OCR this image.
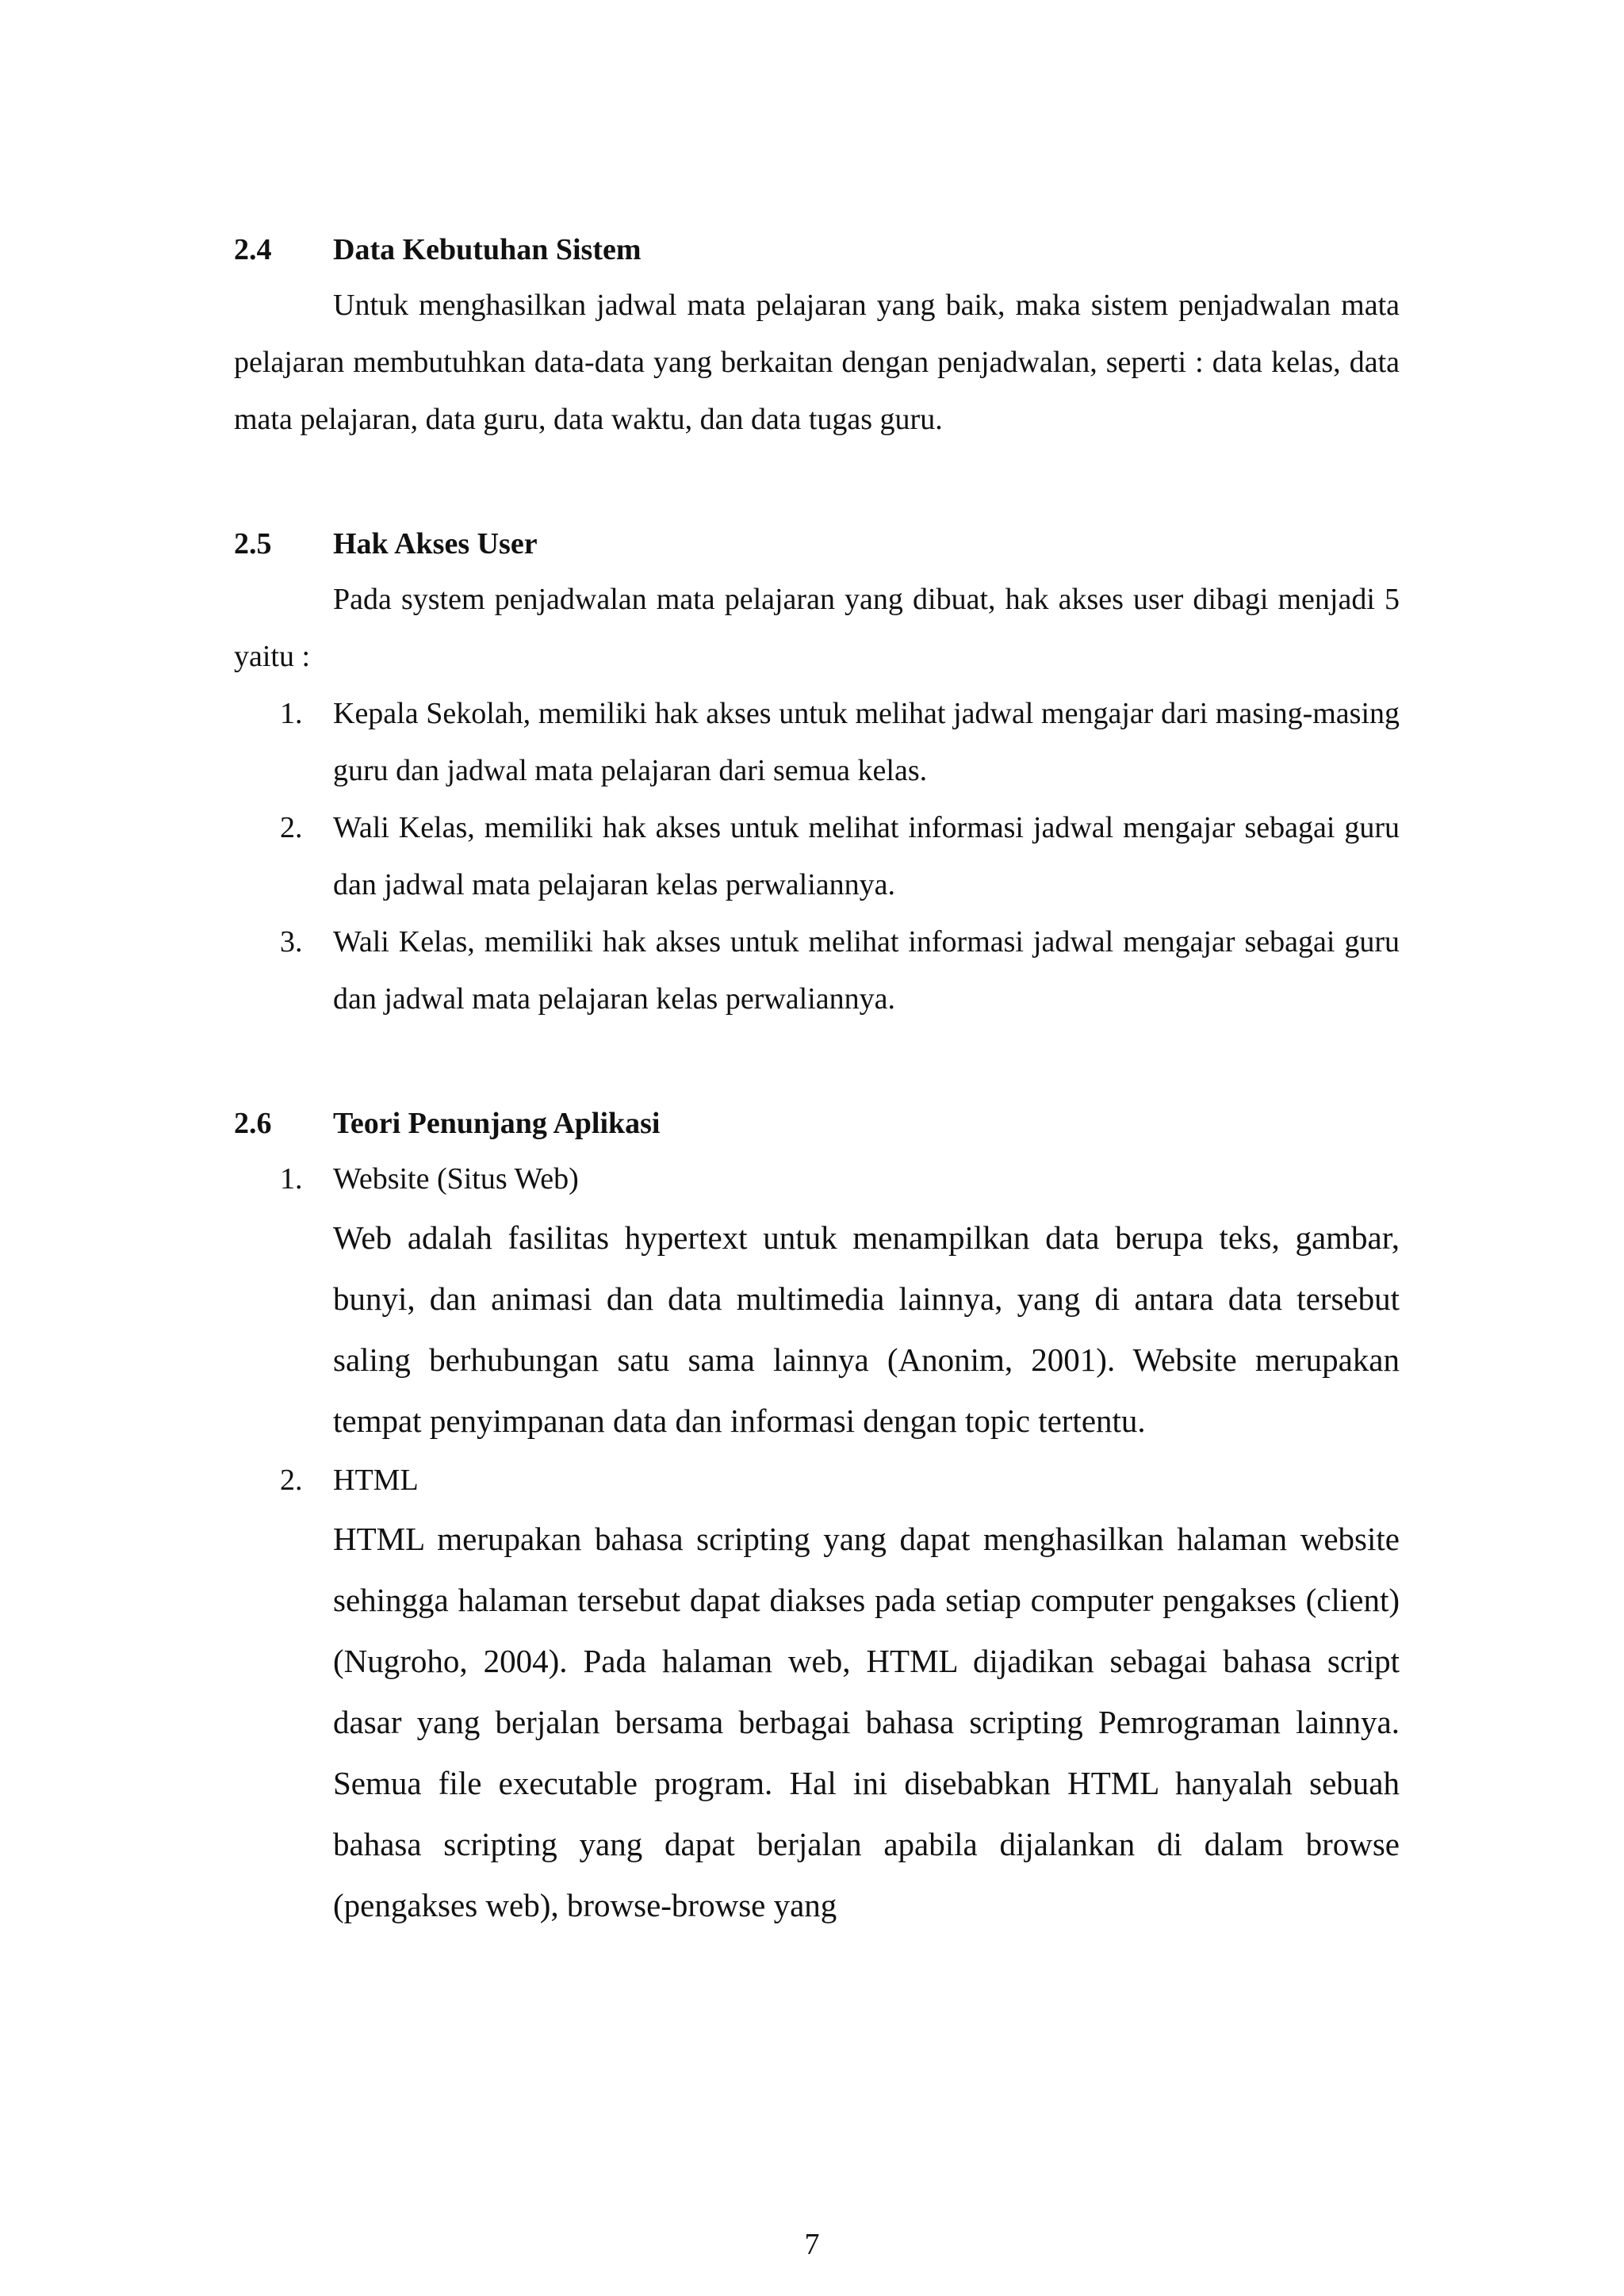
2.4	Data Kebutuhan Sistem

Untuk menghasilkan jadwal mata pelajaran yang baik, maka sistem penjadwalan mata pelajaran membutuhkan data-data yang berkaitan dengan penjadwalan, seperti : data kelas, data mata pelajaran, data guru, data waktu, dan data tugas guru.

2.5	Hak Akses User

Pada system penjadwalan mata pelajaran yang dibuat, hak akses user dibagi menjadi 5 yaitu :

1. Kepala Sekolah, memiliki hak akses untuk melihat jadwal mengajar dari masing-masing guru dan jadwal mata pelajaran dari semua kelas.
2. Wali Kelas, memiliki hak akses untuk melihat informasi jadwal mengajar sebagai guru dan jadwal mata pelajaran kelas perwaliannya.
3. Wali Kelas, memiliki hak akses untuk melihat informasi jadwal mengajar sebagai guru dan jadwal mata pelajaran kelas perwaliannya.
2.6	Teori Penunjang Aplikasi
1. Website (Situs Web)

Web adalah fasilitas hypertext untuk menampilkan data berupa teks, gambar, bunyi, dan animasi dan data multimedia lainnya, yang di antara data tersebut saling berhubungan satu sama lainnya (Anonim, 2001). Website merupakan tempat penyimpanan data dan informasi dengan topic tertentu.

2. HTML

HTML merupakan bahasa scripting yang dapat menghasilkan halaman website sehingga halaman tersebut dapat diakses pada setiap computer pengakses (client) (Nugroho, 2004). Pada halaman web, HTML dijadikan sebagai bahasa script dasar yang berjalan bersama berbagai bahasa scripting Pemrograman lainnya. Semua file executable program. Hal ini disebabkan HTML hanyalah sebuah bahasa scripting yang dapat berjalan apabila dijalankan di dalam browse (pengakses web), browse-browse yang

7
